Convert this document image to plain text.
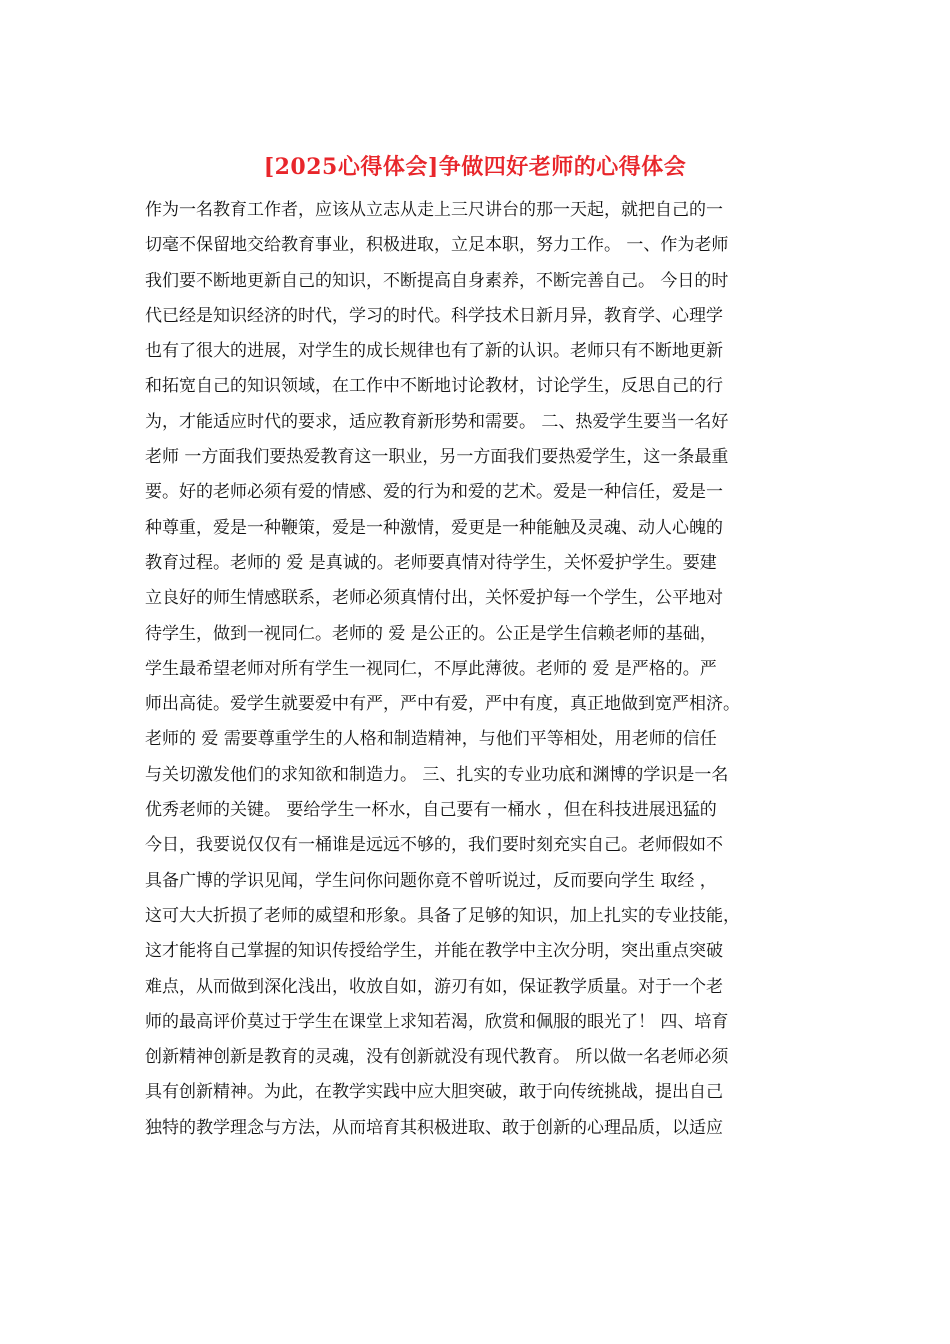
[2025心得体会]争做四好老师的心得体会
作为一名教育工作者，应该从立志从走上三尺讲台的那一天起，就把自己的一
切毫不保留地交给教育事业，积极进取，立足本职，努力工作。 一、作为老师
我们要不断地更新自己的知识，不断提高自身素养，不断完善自己。 今日的时
代已经是知识经济的时代，学习的时代。科学技术日新月异，教育学、心理学
也有了很大的进展，对学生的成长规律也有了新的认识。老师只有不断地更新
和拓宽自己的知识领域，在工作中不断地讨论教材，讨论学生，反思自己的行
为，才能适应时代的要求，适应教育新形势和需要。 二、热爱学生要当一名好
老师 一方面我们要热爱教育这一职业，另一方面我们要热爱学生，这一条最重
要。好的老师必须有爱的情感、爱的行为和爱的艺术。爱是一种信任，爱是一
种尊重，爱是一种鞭策，爱是一种激情，爱更是一种能触及灵魂、动人心魄的
教育过程。老师的 爱 是真诚的。老师要真情对待学生，关怀爱护学生。要建
立良好的师生情感联系，老师必须真情付出，关怀爱护每一个学生，公平地对
待学生，做到一视同仁。老师的 爱 是公正的。公正是学生信赖老师的基础，
学生最希望老师对所有学生一视同仁，不厚此薄彼。老师的 爱 是严格的。严
师出高徒。爱学生就要爱中有严，严中有爱，严中有度，真正地做到宽严相济。
老师的 爱 需要尊重学生的人格和制造精神，与他们平等相处，用老师的信任
与关切激发他们的求知欲和制造力。 三、扎实的专业功底和渊博的学识是一名
优秀老师的关键。 要给学生一杯水，自己要有一桶水 ，但在科技进展迅猛的
今日，我要说仅仅有一桶谁是远远不够的，我们要时刻充实自己。老师假如不
具备广博的学识见闻，学生问你问题你竟不曾听说过，反而要向学生 取经 ，
这可大大折损了老师的威望和形象。具备了足够的知识，加上扎实的专业技能，
这才能将自己掌握的知识传授给学生，并能在教学中主次分明，突出重点突破
难点，从而做到深化浅出，收放自如，游刃有如，保证教学质量。对于一个老
师的最高评价莫过于学生在课堂上求知若渴，欣赏和佩服的眼光了！ 四、培育
创新精神创新是教育的灵魂，没有创新就没有现代教育。 所以做一名老师必须
具有创新精神。为此，在教学实践中应大胆突破，敢于向传统挑战，提出自己
独特的教学理念与方法，从而培育其积极进取、敢于创新的心理品质，以适应
